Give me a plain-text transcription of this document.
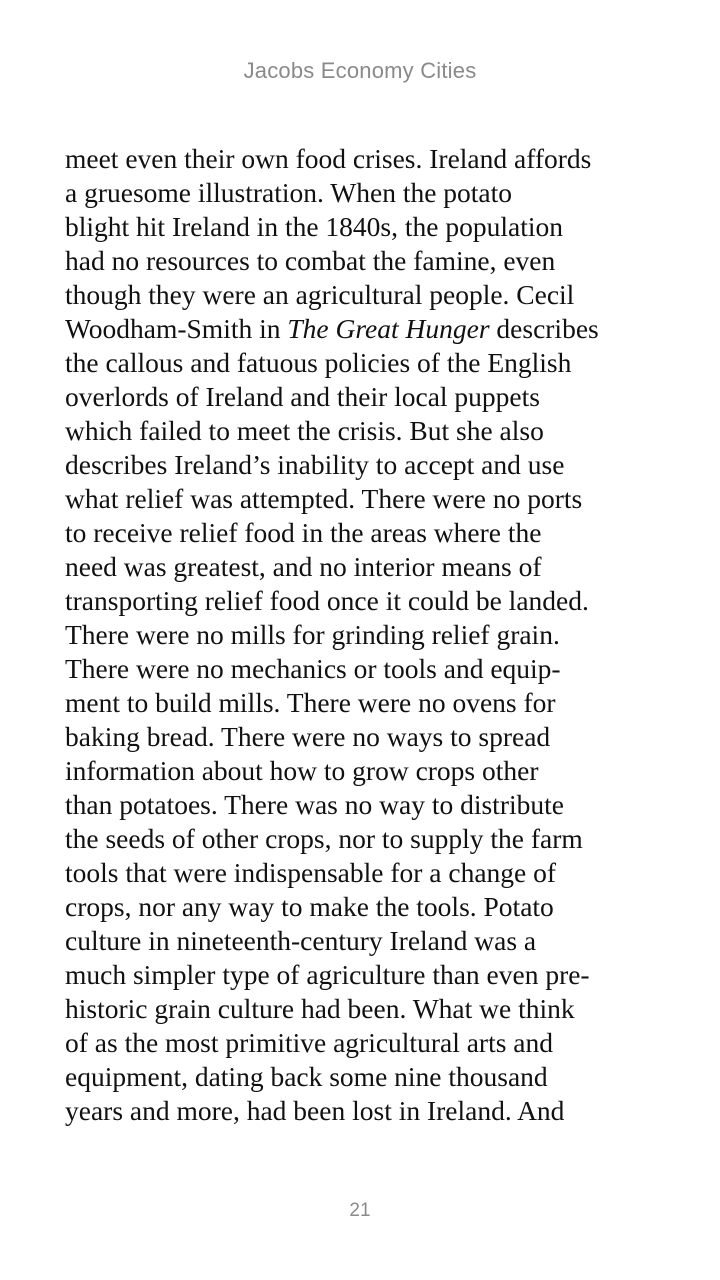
Jacobs Economy Cities
meet even their own food crises. Ireland affords
a gruesome illustration. When the potato
blight hit Ireland in the 1840s, the population
had no resources to combat the famine, even
though they were an agricultural people. Cecil
Woodham-Smith in The Great Hunger describes
the callous and fatuous policies of the English
overlords of Ireland and their local puppets
which failed to meet the crisis. But she also
describes Ireland’s inability to accept and use
what relief was attempted. There were no ports
to receive relief food in the areas where the
need was greatest, and no interior means of
transporting relief food once it could be landed.
There were no mills for grinding relief grain.
There were no mechanics or tools and equip-
ment to build mills. There were no ovens for
baking bread. There were no ways to spread
information about how to grow crops other
than potatoes. There was no way to distribute
the seeds of other crops, nor to supply the farm
tools that were indispensable for a change of
crops, nor any way to make the tools. Potato
culture in nineteenth-century Ireland was a
much simpler type of agriculture than even pre-
historic grain culture had been. What we think
of as the most primitive agricultural arts and
equipment, dating back some nine thousand
years and more, had been lost in Ireland. And
21
